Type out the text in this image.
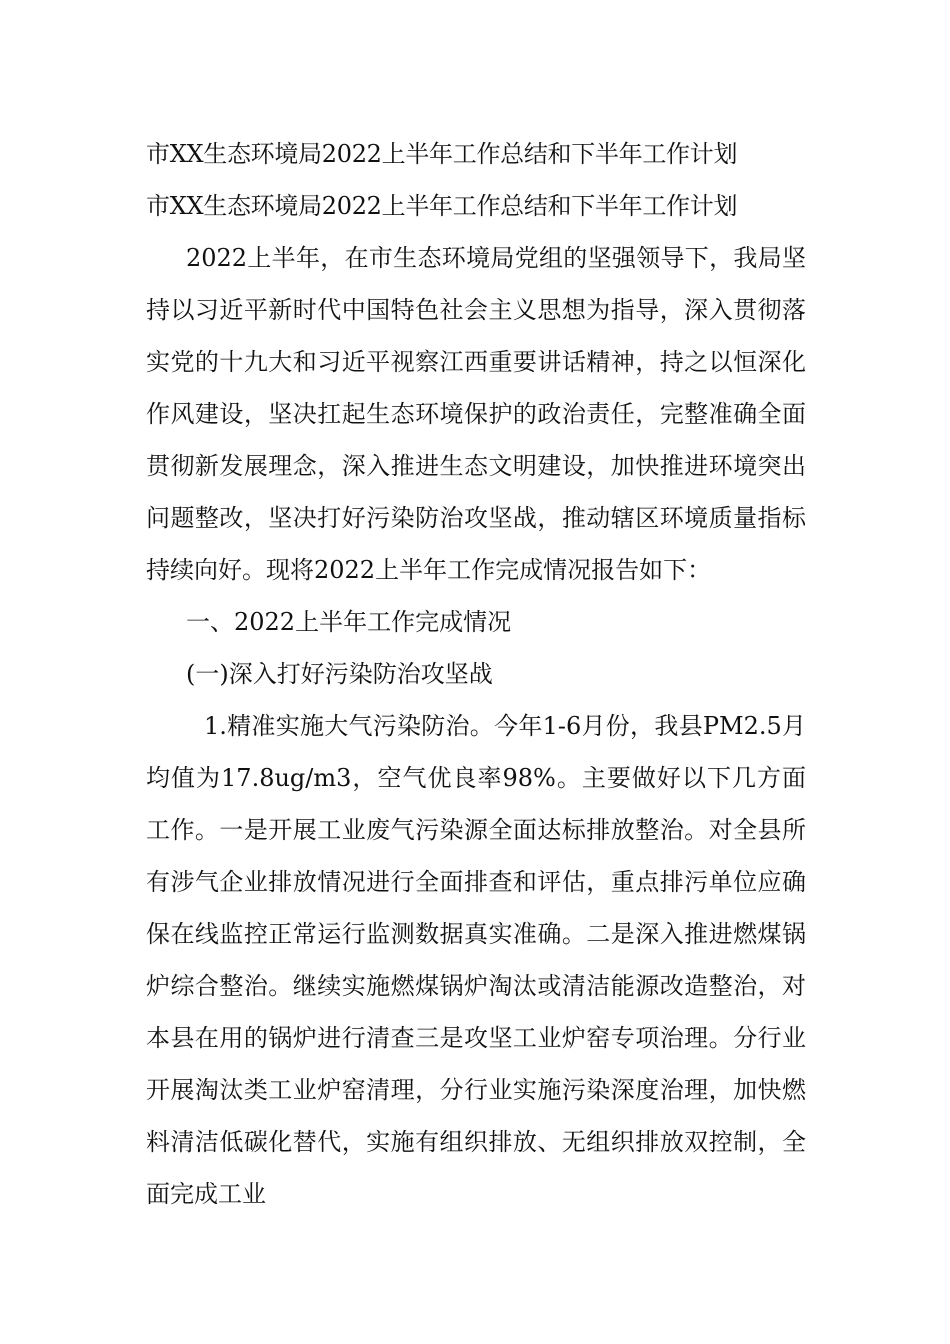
市XX生态环境局2022上半年工作总结和下半年工作计划

市XX生态环境局2022上半年工作总结和下半年工作计划

2022上半年，在市生态环境局党组的坚强领导下，我局坚持以习近平新时代中国特色社会主义思想为指导，深入贯彻落实党的十九大和习近平视察江西重要讲话精神，持之以恒深化作风建设，坚决扛起生态环境保护的政治责任，完整准确全面贯彻新发展理念，深入推进生态文明建设，加快推进环境突出问题整改，坚决打好污染防治攻坚战，推动辖区环境质量指标持续向好。现将2022上半年工作完成情况报告如下：

一、2022上半年工作完成情况

(一)深入打好污染防治攻坚战

1.精准实施大气污染防治。今年1-6月份，我县PM2.5月均值为17.8ug/m3，空气优良率98%。主要做好以下几方面工作。一是开展工业废气污染源全面达标排放整治。对全县所有涉气企业排放情况进行全面排查和评估，重点排污单位应确保在线监控正常运行监测数据真实准确。二是深入推进燃煤锅炉综合整治。继续实施燃煤锅炉淘汰或清洁能源改造整治，对本县在用的锅炉进行清查三是攻坚工业炉窑专项治理。分行业开展淘汰类工业炉窑清理，分行业实施污染深度治理，加快燃料清洁低碳化替代，实施有组织排放、无组织排放双控制，全面完成工业
